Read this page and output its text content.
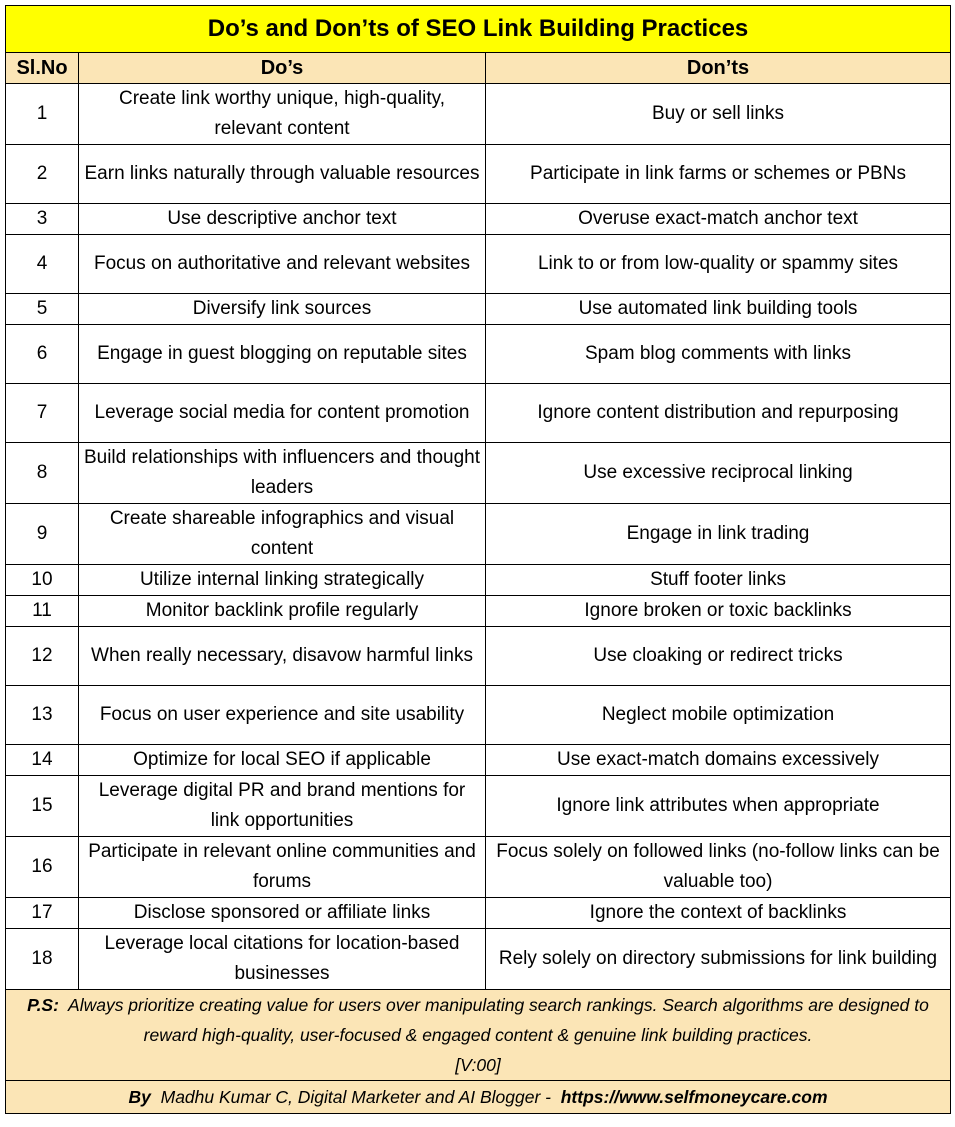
Do’s and Don’ts of SEO Link Building Practices		
Sl.No	Do’s	Don’ts
1	Create link worthy unique, high-quality, relevant content	Buy or sell links
2	Earn links naturally through valuable resources	Participate in link farms or schemes or PBNs
3	Use descriptive anchor text	Overuse exact-match anchor text
4	Focus on authoritative and relevant websites	Link to or from low-quality or spammy sites
5	Diversify link sources	Use automated link building tools
6	Engage in guest blogging on reputable sites	Spam blog comments with links
7	Leverage social media for content promotion	Ignore content distribution and repurposing
8	Build relationships with influencers and thought leaders	Use excessive reciprocal linking
9	Create shareable infographics and visual content	Engage in link trading
10	Utilize internal linking strategically	Stuff footer links
11	Monitor backlink profile regularly	Ignore broken or toxic backlinks
12	When really necessary, disavow harmful links	Use cloaking or redirect tricks
13	Focus on user experience and site usability	Neglect mobile optimization
14	Optimize for local SEO if applicable	Use exact-match domains excessively
15	Leverage digital PR and brand mentions for link opportunities	Ignore link attributes when appropriate
16	Participate in relevant online communities and forums	Focus solely on followed links (no-follow links can be valuable too)
17	Disclose sponsored or affiliate links	Ignore the context of backlinks
18	Leverage local citations for location-based businesses	Rely solely on directory submissions for link building
P.S: Always prioritize creating value for users over manipulating search rankings. Search algorithms are designed to reward high-quality, user-focused & engaged content & genuine link building practices.
[V:00]		
By Madhu Kumar C, Digital Marketer and AI Blogger - https://www.selfmoneycare.com		
